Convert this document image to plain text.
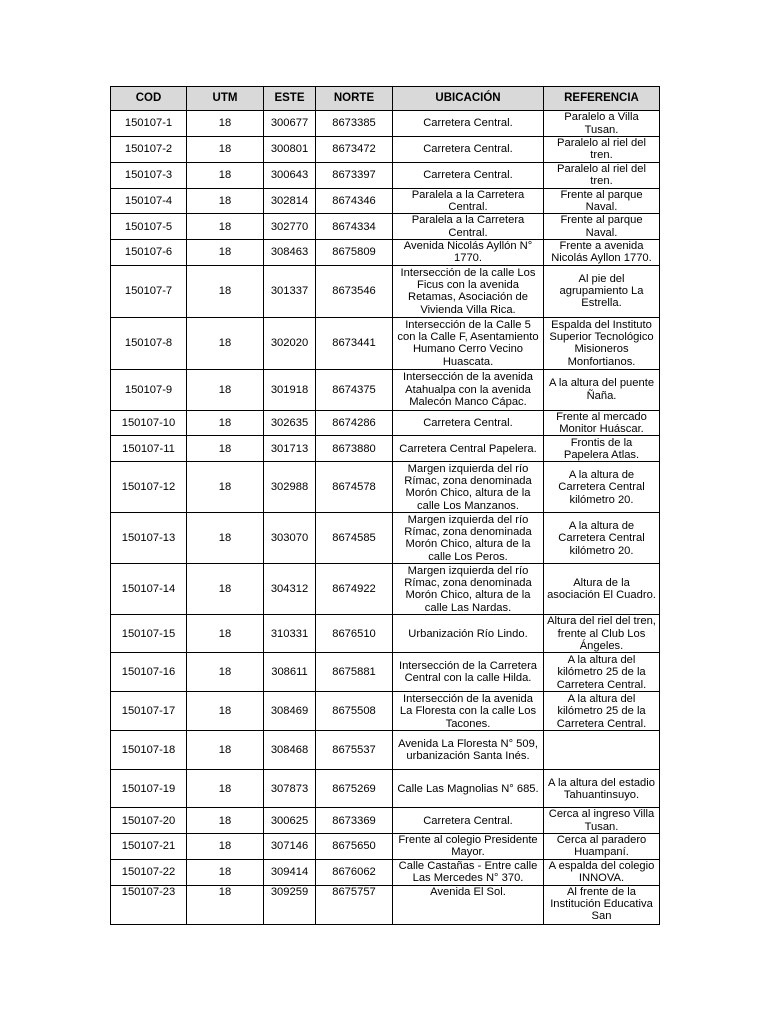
COD	UTM	ESTE	NORTE	UBICACIÓN	REFERENCIA
150107-1	18	300677	8673385	Carretera Central.	Paralelo a Villa Tusan.
150107-2	18	300801	8673472	Carretera Central.	Paralelo al riel del tren.
150107-3	18	300643	8673397	Carretera Central.	Paralelo al riel del tren.
150107-4	18	302814	8674346	Paralela a la Carretera Central.	Frente al parque Naval.
150107-5	18	302770	8674334	Paralela a la Carretera Central.	Frente al parque Naval.
150107-6	18	308463	8675809	Avenida Nicolás Ayllón N° 1770.	Frente a avenida Nicolás Ayllon 1770.
150107-7	18	301337	8673546	Intersección de la calle Los Ficus con la avenida Retamas, Asociación de Vivienda Villa Rica.	Al pie del agrupamiento La Estrella.
150107-8	18	302020	8673441	Intersección de la Calle 5 con la Calle F, Asentamiento Humano Cerro Vecino Huascata.	Espalda del Instituto Superior Tecnológico Misioneros Monfortianos.
150107-9	18	301918	8674375	Intersección de la avenida Atahualpa con la avenida Malecón Manco Cápac.	A la altura del puente Ñaña.
150107-10	18	302635	8674286	Carretera Central.	Frente al mercado Monitor Huáscar.
150107-11	18	301713	8673880	Carretera Central Papelera.	Frontis de la Papelera Atlas.
150107-12	18	302988	8674578	Margen izquierda del río Rímac, zona denominada Morón Chico, altura de la calle Los Manzanos.	A la altura de Carretera Central kilómetro 20.
150107-13	18	303070	8674585	Margen izquierda del río Rímac, zona denominada Morón Chico, altura de la calle Los Peros.	A la altura de Carretera Central kilómetro 20.
150107-14	18	304312	8674922	Margen izquierda del río Rímac, zona denominada Morón Chico, altura de la calle Las Nardas.	Altura de la asociación El Cuadro.
150107-15	18	310331	8676510	Urbanización Río Lindo.	Altura del riel del tren, frente al Club Los Ángeles.
150107-16	18	308611	8675881	Intersección de la Carretera Central con la calle Hilda.	A la altura del kilómetro 25 de la Carretera Central.
150107-17	18	308469	8675508	Intersección de la avenida La Floresta con la calle Los Tacones.	A la altura del kilómetro 25 de la Carretera Central.
150107-18	18	308468	8675537	Avenida La Floresta N° 509, urbanización Santa Inés.	
150107-19	18	307873	8675269	Calle Las Magnolias N° 685.	A la altura del estadio Tahuantinsuyo.
150107-20	18	300625	8673369	Carretera Central.	Cerca al ingreso Villa Tusan.
150107-21	18	307146	8675650	Frente al colegio Presidente Mayor.	Cerca al paradero Huampaní.
150107-22	18	309414	8676062	Calle Castañas - Entre calle Las Mercedes N° 370.	A espalda del colegio INNOVA.
150107-23	18	309259	8675757	Avenida El Sol.	Al frente de la Institución Educativa San
